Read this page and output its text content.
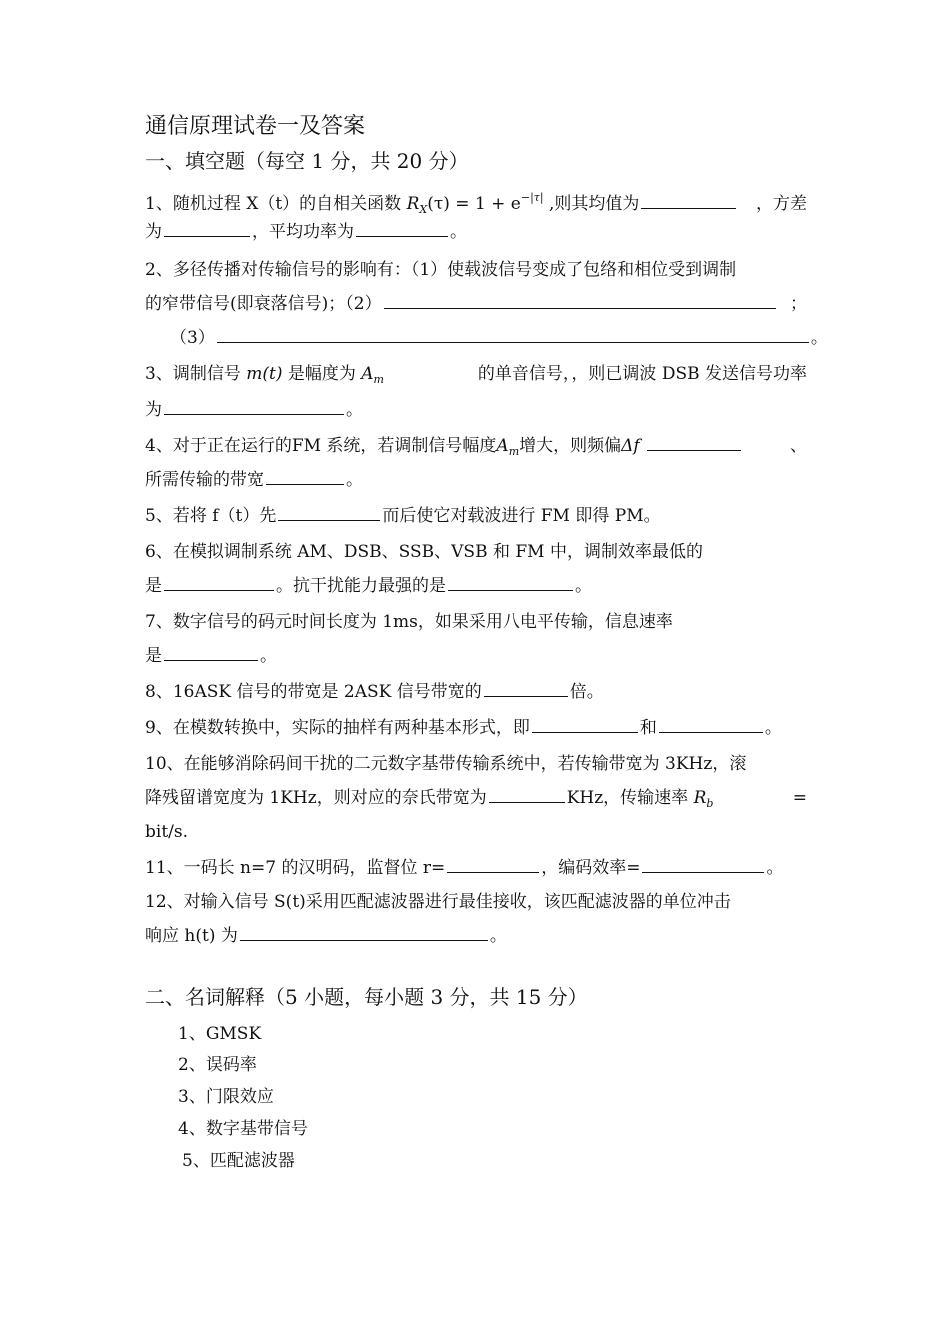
通信原理试卷一及答案
一、填空题（每空 1 分，共 20 分）
1、随机过程 X（t）的自相关函数 $R_X(\tau) = 1 + e^{-|\tau|}$ ,则其均值为	，方差
为	，平均功率为	。
2、多径传播对传输信号的影响有：（1）使载波信号变成了包络和相位受到调制
的窄带信号(即衰落信号)；（2）	；
（3）	。
3、调制信号 m(t) 是幅度为 $A_m$	的单音信号，，则已调波 DSB 发送信号功率
为	。
4、对于正在运行的FM 系统，若调制信号幅度$A_m$增大，则频偏Δf	、
所需传输的带宽	。
5、若将 f（t）先	而后使它对载波进行 FM 即得 PM。
6、在模拟调制系统 AM、DSB、SSB、VSB 和 FM 中，调制效率最低的
是	。抗干扰能力最强的是	。
7、数字信号的码元时间长度为 1ms，如果采用八电平传输，信息速率
是	。
8、16ASK 信号的带宽是 2ASK 信号带宽的	倍。
9、在模数转换中，实际的抽样有两种基本形式，即	和	。
10、在能够消除码间干扰的二元数字基带传输系统中，若传输带宽为 3KHz，滚
降残留谱宽度为 1KHz，则对应的奈氏带宽为	KHz，传输速率 $R_b$	=
bit/s.
11、一码长 n=7 的汉明码，监督位 r=	，编码效率=	。
12、对输入信号 S(t)采用匹配滤波器进行最佳接收，该匹配滤波器的单位冲击
响应 h(t) 为	。
二、名词解释（5 小题，每小题 3 分，共 15 分）
1、GMSK
2、误码率
3、门限效应
4、数字基带信号
5、匹配滤波器
